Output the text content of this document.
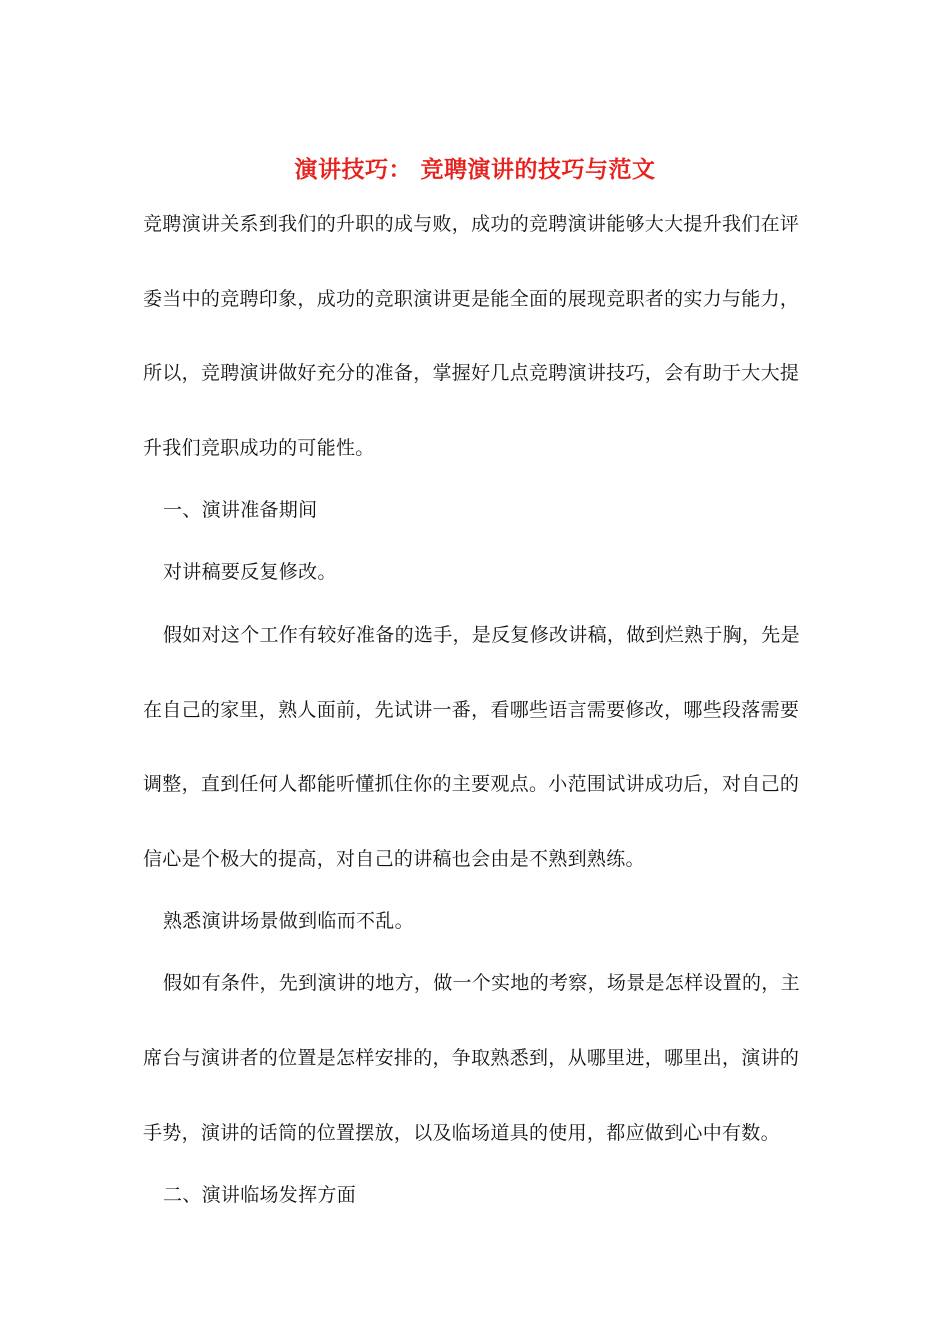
演讲技巧： 竞聘演讲的技巧与范文
竞聘演讲关系到我们的升职的成与败，成功的竞聘演讲能够大大提升我们在评
委当中的竞聘印象，成功的竞职演讲更是能全面的展现竞职者的实力与能力，
所以，竞聘演讲做好充分的准备，掌握好几点竞聘演讲技巧，会有助于大大提
升我们竞职成功的可能性。
一、演讲准备期间
对讲稿要反复修改。
假如对这个工作有较好准备的选手，是反复修改讲稿，做到烂熟于胸，先是
在自己的家里，熟人面前，先试讲一番，看哪些语言需要修改，哪些段落需要
调整，直到任何人都能听懂抓住你的主要观点。小范围试讲成功后，对自己的
信心是个极大的提高，对自己的讲稿也会由是不熟到熟练。
熟悉演讲场景做到临而不乱。
假如有条件，先到演讲的地方，做一个实地的考察，场景是怎样设置的，主
席台与演讲者的位置是怎样安排的，争取熟悉到，从哪里进，哪里出，演讲的
手势，演讲的话筒的位置摆放，以及临场道具的使用，都应做到心中有数。
二、演讲临场发挥方面
